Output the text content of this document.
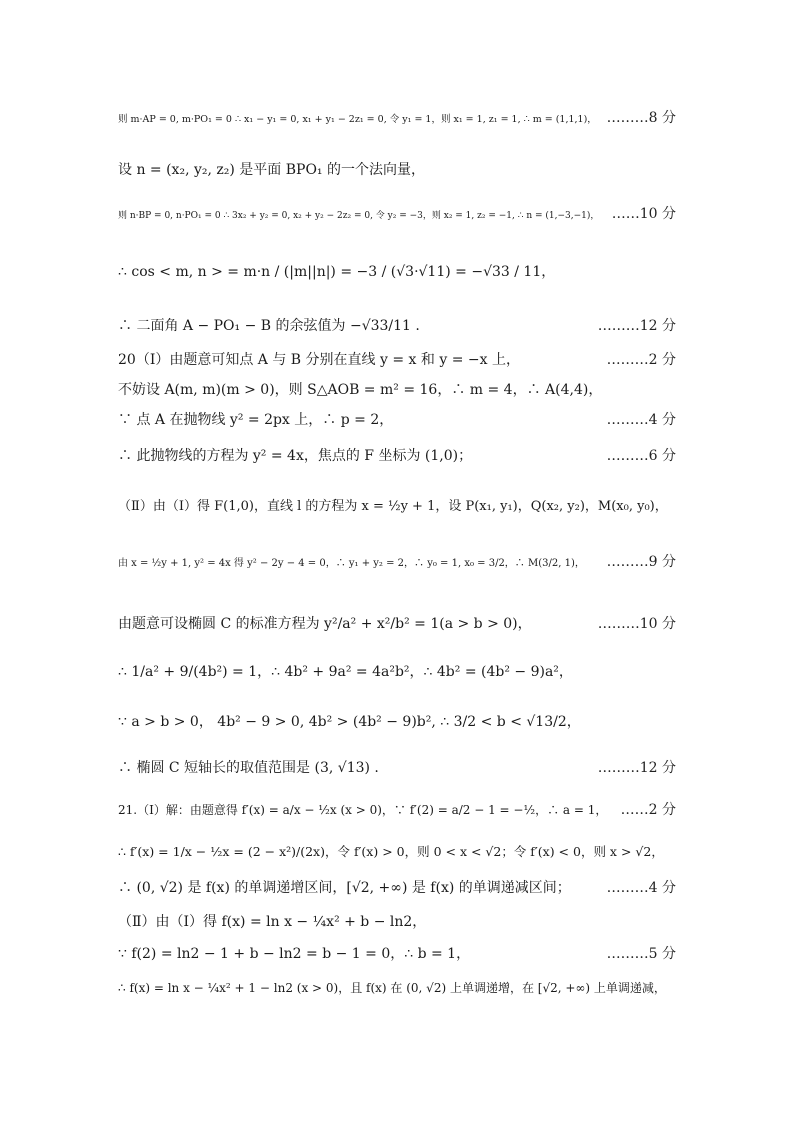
则 m·AP = 0, m·PO₁ = 0 ∴ x₁ − y₁ = 0, x₁ + y₁ − 2z₁ = 0, 令 y₁ = 1，则 x₁ = 1, z₁ = 1, ∴ m = (1,1,1)， ………8 分
设 n = (x₂, y₂, z₂) 是平面 BPO₁ 的一个法向量，
则 n·BP = 0, n·PO₁ = 0 ∴ 3x₂ + y₂ = 0, x₂ + y₂ − 2z₂ = 0, 令 y₂ = −3，则 x₂ = 1, z₂ = −1, ∴ n = (1,−3,−1)， ……10 分
∴ cos < m, n > = m·n / (|m||n|) = −3 / (√3·√11) = −√33 / 11，
∴ 二面角 A − PO₁ − B 的余弦值为 −√33/11 .	………12 分
20（Ⅰ）由题意可知点 A 与 B 分别在直线 y = x 和 y = −x 上，	………2 分
不妨设 A(m, m)(m > 0)，则 S△AOB = m² = 16，∴ m = 4，∴ A(4,4)，
∵ 点 A 在抛物线 y² = 2px 上，∴ p = 2，	………4 分
∴ 此抛物线的方程为 y² = 4x，焦点的 F 坐标为 (1,0)；	………6 分
（Ⅱ）由（Ⅰ）得 F(1,0)，直线 l 的方程为 x = ½y + 1，设 P(x₁, y₁)，Q(x₂, y₂)，M(x₀, y₀)，
由 x = ½y + 1, y² = 4x 得 y² − 2y − 4 = 0，∴ y₁ + y₂ = 2，∴ y₀ = 1, x₀ = 3/2，∴ M(3/2, 1)， ………9 分
由题意可设椭圆 C 的标准方程为 y²/a² + x²/b² = 1(a > b > 0)，	………10 分
∴ 1/a² + 9/(4b²) = 1，∴ 4b² + 9a² = 4a²b²，∴ 4b² = (4b² − 9)a²，
∵ a > b > 0， 4b² − 9 > 0, 4b² > (4b² − 9)b², ∴ 3/2 < b < √13/2，
∴ 椭圆 C 短轴长的取值范围是 (3, √13) .	………12 分
21.（Ⅰ）解：由题意得 f′(x) = a/x − ½x (x > 0)，∵ f′(2) = a/2 − 1 = −½，∴ a = 1， ……2 分
∴ f′(x) = 1/x − ½x = (2 − x²)/(2x)，令 f′(x) > 0，则 0 < x < √2；令 f′(x) < 0，则 x > √2，
∴ (0, √2) 是 f(x) 的单调递增区间，[√2, +∞) 是 f(x) 的单调递减区间；	………4 分
（Ⅱ）由（Ⅰ）得 f(x) = ln x − ¼x² + b − ln2，
∵ f(2) = ln2 − 1 + b − ln2 = b − 1 = 0，∴ b = 1，	………5 分
∴ f(x) = ln x − ¼x² + 1 − ln2 (x > 0)，且 f(x) 在 (0, √2) 上单调递增，在 [√2, +∞) 上单调递减，
